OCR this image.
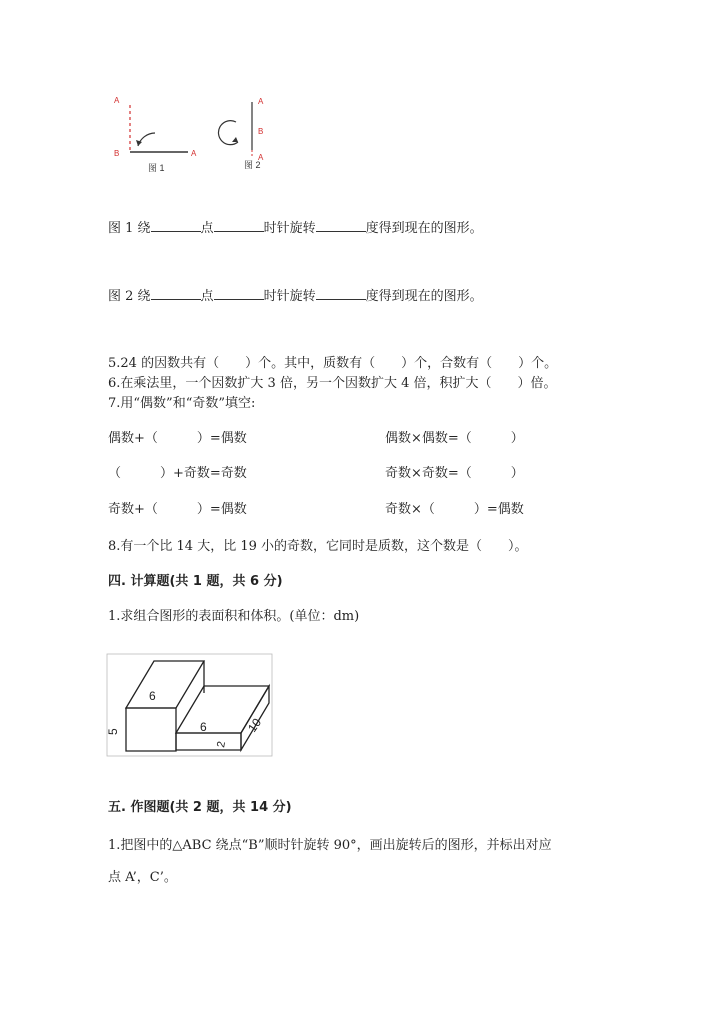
A
B	A
图 1
A
B
A
图 2
图 1 绕	点	时针旋转	度得到现在的图形。
图 2 绕	点	时针旋转	度得到现在的图形。
5.24 的因数共有（　　）个。其中，质数有（　　）个，合数有（　　）个。
6.在乘法里，一个因数扩大 3 倍，另一个因数扩大 4 倍，积扩大（　　）倍。
7.用“偶数”和“奇数”填空:
偶数+（　　　）=偶数	偶数×偶数=（　　　）
（　　　）+奇数=奇数	奇数×奇数=（　　　）
奇数+（　　　）=偶数	奇数×（　　　）=偶数
8.有一个比 14 大，比 19 小的奇数，它同时是质数，这个数是（　　）。
四. 计算题(共 1 题，共 6 分)
1.求组合图形的表面积和体积。(单位：dm)
6
5	6
2
10
五. 作图题(共 2 题，共 14 分)
1.把图中的△ABC 绕点“B”顺时针旋转 90°，画出旋转后的图形，并标出对应
点 A’，C’。
